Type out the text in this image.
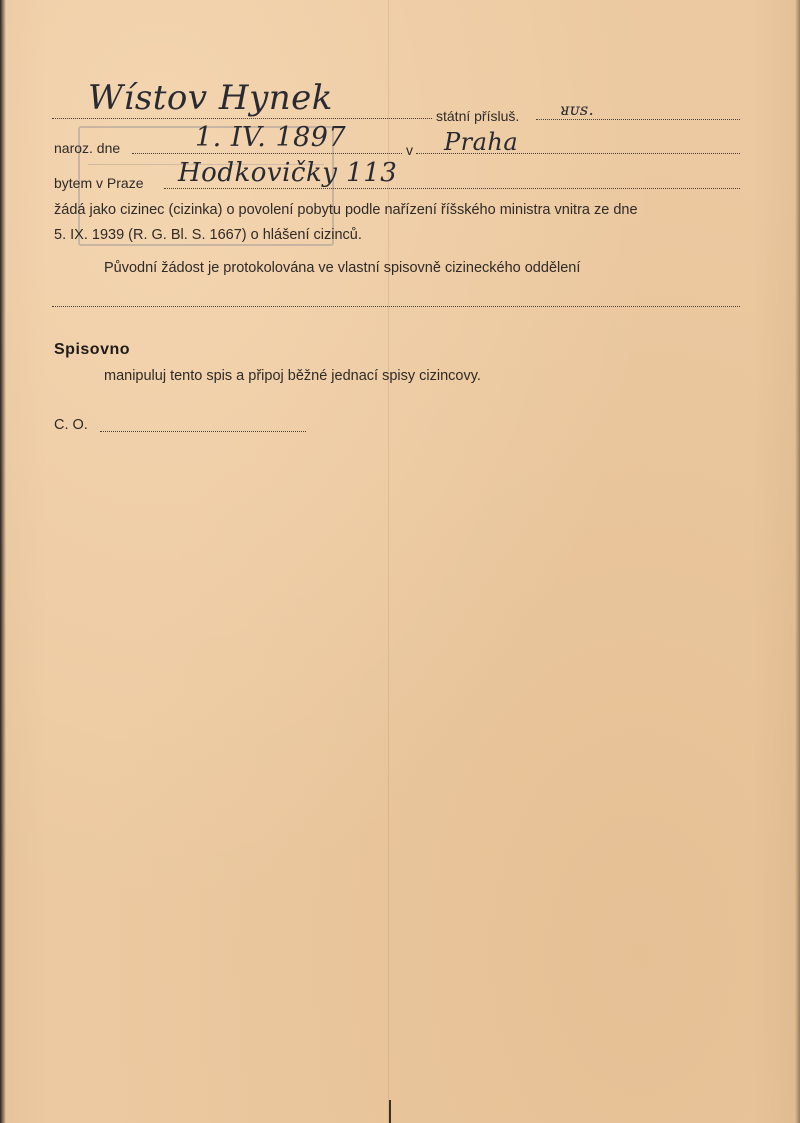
Wístov Hynek	státní přísluš.	ᴚᴜꜱ.
naroz. dne	1. IV. 1897	v Praha
bytem v Praze Hodkovičky 113
žádá jako cizinec (cizinka) o povolení pobytu podle nařízení říšského ministra vnitra ze dne
5. IX. 1939 (R. G. Bl. S. 1667) o hlášení cizinců.
Původní žádost je protokolována ve vlastní spisovně cizineckého oddělení
Spisovno
manipuluj tento spis a připoj běžné jednací spisy cizincovy.
C. O.
